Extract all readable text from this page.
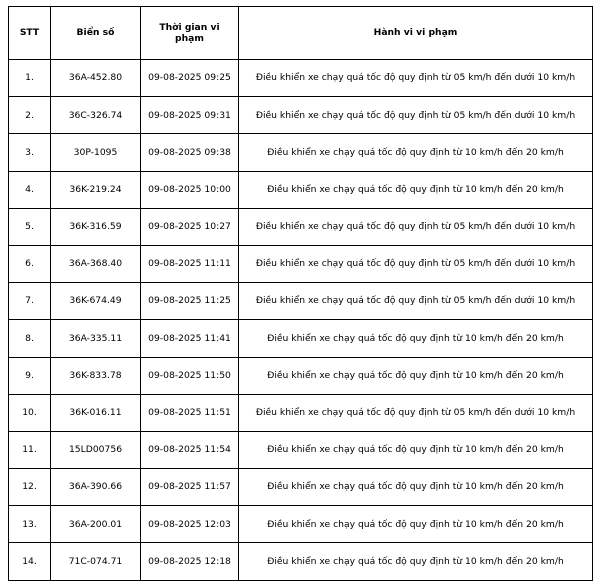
STT	Biển số	Thời gian vi phạm	Hành vi vi phạm
1.	36A-452.80	09-08-2025 09:25	Điều khiển xe chạy quá tốc độ quy định từ 05 km/h đến dưới 10 km/h
2.	36C-326.74	09-08-2025 09:31	Điều khiển xe chạy quá tốc độ quy định từ 05 km/h đến dưới 10 km/h
3.	30P-1095	09-08-2025 09:38	Điều khiển xe chạy quá tốc độ quy định từ 10 km/h đến 20 km/h
4.	36K-219.24	09-08-2025 10:00	Điều khiển xe chạy quá tốc độ quy định từ 10 km/h đến 20 km/h
5.	36K-316.59	09-08-2025 10:27	Điều khiển xe chạy quá tốc độ quy định từ 05 km/h đến dưới 10 km/h
6.	36A-368.40	09-08-2025 11:11	Điều khiển xe chạy quá tốc độ quy định từ 05 km/h đến dưới 10 km/h
7.	36K-674.49	09-08-2025 11:25	Điều khiển xe chạy quá tốc độ quy định từ 05 km/h đến dưới 10 km/h
8.	36A-335.11	09-08-2025 11:41	Điều khiển xe chạy quá tốc độ quy định từ 10 km/h đến 20 km/h
9.	36K-833.78	09-08-2025 11:50	Điều khiển xe chạy quá tốc độ quy định từ 10 km/h đến 20 km/h
10.	36K-016.11	09-08-2025 11:51	Điều khiển xe chạy quá tốc độ quy định từ 05 km/h đến dưới 10 km/h
11.	15LD00756	09-08-2025 11:54	Điều khiển xe chạy quá tốc độ quy định từ 10 km/h đến 20 km/h
12.	36A-390.66	09-08-2025 11:57	Điều khiển xe chạy quá tốc độ quy định từ 10 km/h đến 20 km/h
13.	36A-200.01	09-08-2025 12:03	Điều khiển xe chạy quá tốc độ quy định từ 10 km/h đến 20 km/h
14.	71C-074.71	09-08-2025 12:18	Điều khiển xe chạy quá tốc độ quy định từ 10 km/h đến 20 km/h
